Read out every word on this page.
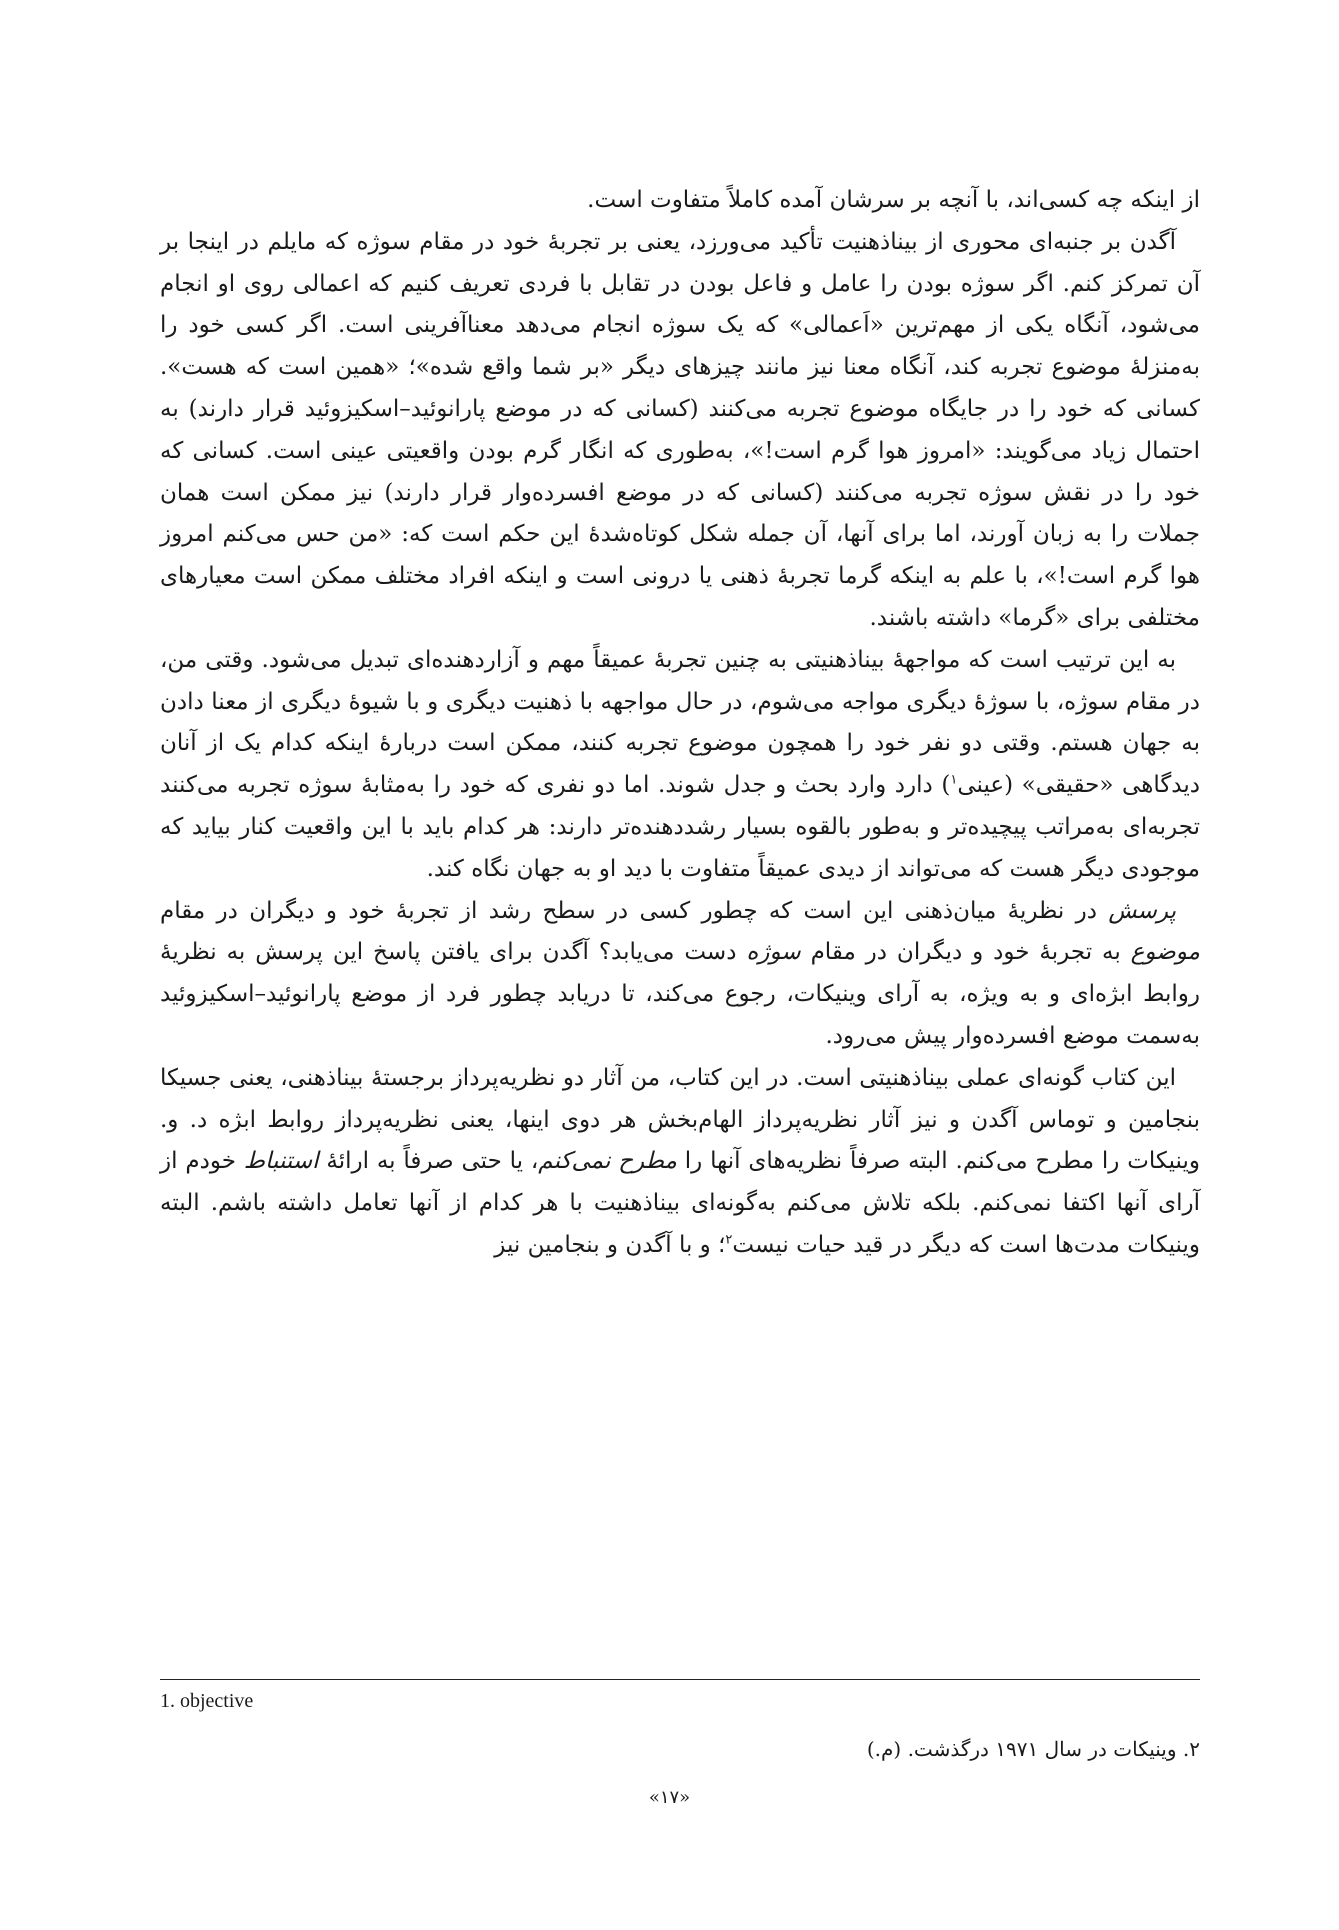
از اینکه چه کسی‌اند، با آنچه بر سرشان آمده کاملاً متفاوت است.

آگدن بر جنبه‌ای محوری از بیناذهنیت تأکید می‌ورزد، یعنی بر تجربهٔ خود در مقام سوژه که مایلم در اینجا بر آن تمرکز کنم. اگر سوژه بودن را عامل و فاعل بودن در تقابل با فردی تعریف کنیم که اعمالی روی او انجام می‌شود، آنگاه یکی از مهم‌ترین «اَعمالی» که یک سوژه انجام می‌دهد معنا‌آفرینی است. اگر کسی خود را به‌منزلهٔ موضوع تجربه کند، آنگاه معنا نیز مانند چیزهای دیگر «بر شما واقع شده»؛ «همین است که هست». کسانی که خود را در جایگاه موضوع تجربه می‌کنند (کسانی که در موضع پارانوئید–اسکیزوئید قرار دارند) به احتمال زیاد می‌گویند: «امروز هوا گرم است!»، به‌طوری که انگار گرم بودن واقعیتی عینی است. کسانی که خود را در نقش سوژه تجربه می‌کنند (کسانی که در موضع افسرده‌وار قرار دارند) نیز ممکن است همان جملات را به زبان آورند، اما برای آنها، آن جمله شکل کوتاه‌شدهٔ این حکم است که: «من حس می‌کنم امروز هوا گرم است!»، با علم به اینکه گرما تجربهٔ ذهنی یا درونی است و اینکه افراد مختلف ممکن است معیارهای مختلفی برای «گرما» داشته باشند.

به این ترتیب است که مواجههٔ بیناذهنیتی به چنین تجربهٔ عمیقاً مهم و آزاردهنده‌ای تبدیل می‌شود. وقتی من، در مقام سوژه، با سوژهٔ دیگری مواجه می‌شوم، در حال مواجهه با ذهنیت دیگری و با شیوهٔ دیگری از معنا دادن به جهان هستم. وقتی دو نفر خود را همچون موضوع تجربه کنند، ممکن است دربارهٔ اینکه کدام یک از آنان دیدگاهی «حقیقی» (عینی$^۱$) دارد وارد بحث و جدل شوند. اما دو نفری که خود را به‌مثابهٔ سوژه تجربه می‌کنند تجربه‌ای به‌مراتب پیچیده‌تر و به‌طور بالقوه بسیار رشددهنده‌تر دارند: هر کدام باید با این واقعیت کنار بیاید که موجودی دیگر هست که می‌تواند از دیدی عمیقاً متفاوت با دید او به جهان نگاه کند.

پرسش در نظریهٔ میان‌ذهنی این است که چطور کسی در سطح رشد از تجربهٔ خود و دیگران در مقام موضوع به تجربهٔ خود و دیگران در مقام سوژه دست می‌یابد؟ آگدن برای یافتن پاسخ این پرسش به نظریهٔ روابط ابژه‌ای و به ویژه، به آرای وینیکات، رجوع می‌کند، تا دریابد چطور فرد از موضع پارانوئید–اسکیزوئید به‌سمت موضع افسرده‌وار پیش می‌رود.

این کتاب گونه‌ای عملی بیناذهنیتی است. در این کتاب، من آثار دو نظریه‌پرداز برجستهٔ بیناذهنی، یعنی جسیکا بنجامین و توماس آگدن و نیز آثار نظریه‌پرداز الهام‌بخش هر دوی اینها، یعنی نظریه‌پرداز روابط ابژه د. و. وینیکات را مطرح می‌کنم. البته صرفاً نظریه‌های آنها را مطرح نمی‌کنم، یا حتی صرفاً به ارائهٔ استنباط خودم از آرای آنها اکتفا نمی‌کنم. بلکه تلاش می‌کنم به‌گونه‌ای بیناذهنیت با هر کدام از آنها تعامل داشته باشم. البته وینیکات مدت‌ها است که دیگر در قید حیات نیست$^۲$؛ و با آگدن و بنجامین نیز

1. objective
۲. وینیکات در سال ۱۹۷۱ درگذشت. (م.)
«۱۷»
